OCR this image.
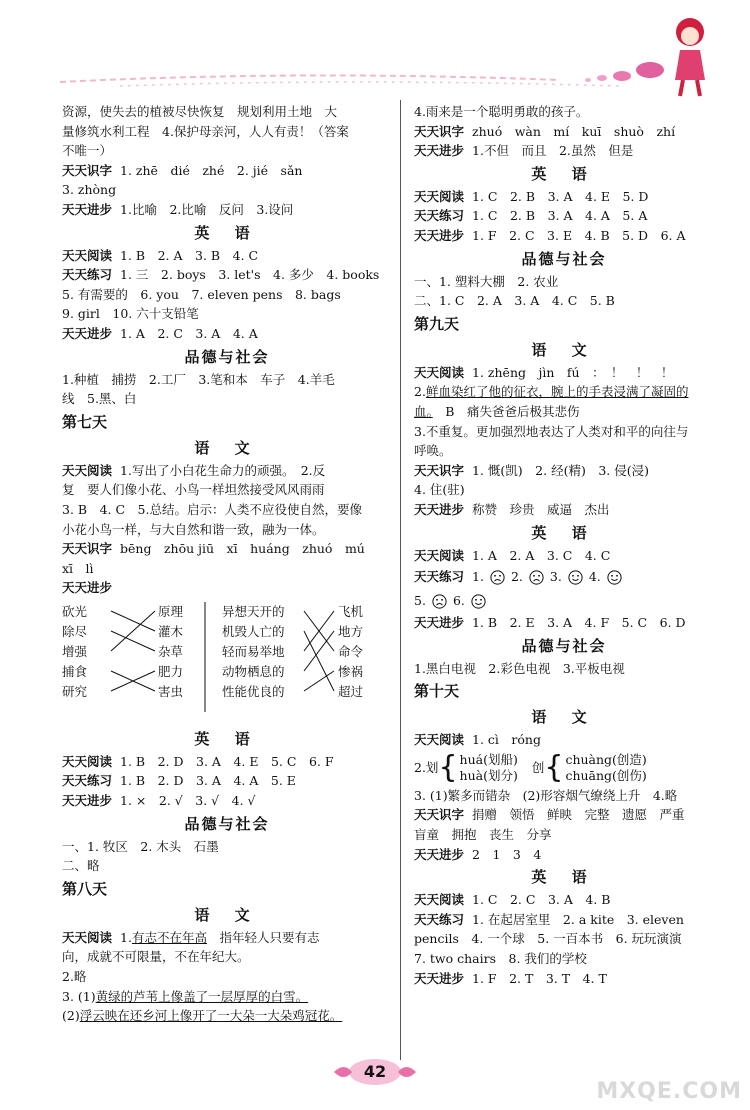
资源，使失去的植被尽快恢复　规划利用土地　大
量修筑水利工程　4.保护母亲河，人人有责！（答案
不唯一）
天天识字 1. zhē　dié　zhé　2. jié　sǎn
3. zhòng
天天进步 1.比喻　2.比喻　反问　3.设问
英 语
天天阅读 1. B　2. A　3. B　4. C
天天练习 1. 三　2. boys　3. let's　4. 多少　4. books
5. 有需要的　6. you　7. eleven pens　8. bags
9. girl　10. 六十支铅笔
天天进步 1. A　2. C　3. A　4. A
品德与社会
1.种植　捕捞　2.工厂　3.笔和本　车子　4.羊毛
线　5.黑、白
第七天
语 文
天天阅读 1.写出了小白花生命力的顽强。　2.反
复　要人们像小花、小鸟一样坦然接受风风雨雨
3. B　4. C　5.总结。启示：人类不应役使自然，要像
小花小鸟一样，与大自然和谐一致，融为一体。
天天识字 bēng　zhōu jiū　xī　huáng　zhuó　mú
xī　lì
天天进步
砍光
除尽
增强
捕食
研究
原理
灌木
杂草
肥力
害虫
异想天开的
机毁人亡的
轻而易举地
动物栖息的
性能优良的
飞机
地方
命令
惨祸
超过
英 语
天天阅读 1. B　2. D　3. A　4. E　5. C　6. F
天天练习 1. B　2. D　3. A　4. A　5. E
天天进步 1. ×　2. √　3. √　4. √
品德与社会
一、1. 牧区　2. 木头　石墨
二、略
第八天
语 文
天天阅读 1.有志不在年高　指年轻人只要有志
向，成就不可限量，不在年纪大。
2.略
3. (1)黄绿的芦苇上像盖了一层厚厚的白雪。
(2)浮云映在还乡河上像开了一大朵一大朵鸡冠花。
4.雨来是一个聪明勇敢的孩子。
天天识字 zhuó　wàn　mí　kuī　shuò　zhí
天天进步 1.不但　而且　2.虽然　但是
英 语
天天阅读 1. C　2. B　3. A　4. E　5. D
天天练习 1. C　2. B　3. A　4. A　5. A
天天进步 1. F　2. C　3. E　4. B　5. D　6. A
品德与社会
一、1. 塑料大棚　2. 农业
二、1. C　2. A　3. A　4. C　5. B
第九天
语 文
天天阅读 1. zhēng　jìn　fú　：　！　！　！
2.鲜血染红了他的征衣，腕上的手表浸满了凝固的
血。　B　痛失爸爸后极其悲伤
3.不重复。更加强烈地表达了人类对和平的向往与
呼唤。
天天识字 1. 慨(凯)　2. 经(精)　3. 侵(浸)
4. 住(驻)
天天进步 称赞　珍贵　威逼　杰出
英 语
天天阅读 1. A　2. A　3. C　4. C
天天练习 1. 2. 3. 4.
5. 6.
天天进步 1. B　2. E　3. A　4. F　5. C　6. D
品德与社会
1.黑白电视　2.彩色电视　3.平板电视
第十天
语 文
天天阅读 1. cì　róng
2.划 { huá(划船)
huà(划分)
创 { chuàng(创造)
chuāng(创伤)
3. (1)繁多而错杂　(2)形容烟气缭绕上升　4.略
天天识字 捐赠　领悟　鲜映　完整　遗愿　严重
盲童　拥抱　丧生　分享
天天进步 2　1　3　4
英 语
天天阅读 1. C　2. C　3. A　4. B
天天练习 1. 在起居室里　2. a kite　3. eleven
pencils　4. 一个球　5. 一百本书　6. 玩玩演演
7. two chairs　8. 我们的学校
天天进步 1. F　2. T　3. T　4. T
42
MXQE.COM
